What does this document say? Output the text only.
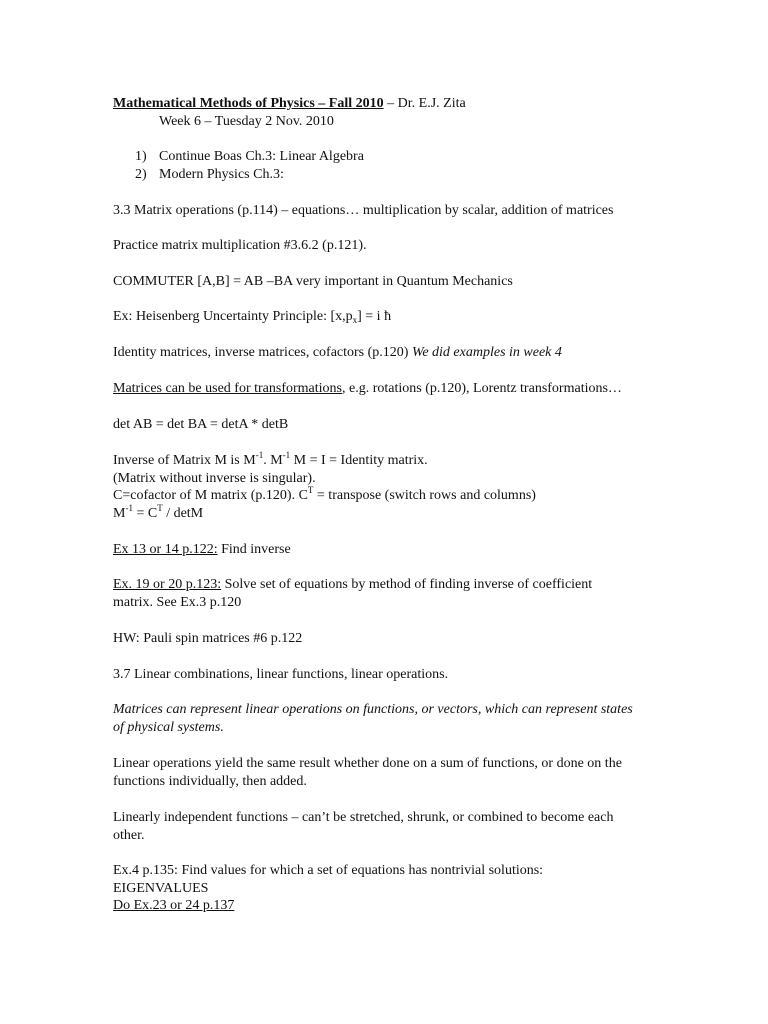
Mathematical Methods of Physics – Fall 2010 – Dr. E.J. Zita
Week 6 – Tuesday 2 Nov. 2010
1) Continue Boas Ch.3: Linear Algebra
2) Modern Physics Ch.3:
3.3 Matrix operations (p.114) – equations… multiplication by scalar, addition of matrices
Practice matrix multiplication #3.6.2 (p.121).
COMMUTER [A,B] = AB –BA very important in Quantum Mechanics
Ex: Heisenberg Uncertainty Principle: $[x,p_x] = i$ ħ
Identity matrices, inverse matrices, cofactors (p.120) We did examples in week 4
Matrices can be used for transformations, e.g. rotations (p.120), Lorentz transformations…
det AB = det BA = detA * detB
Inverse of Matrix M is $M^{-1}$. $M^{-1}$ M = I = Identity matrix.
(Matrix without inverse is singular).
C=cofactor of M matrix (p.120). $C^T$ = transpose (switch rows and columns)
$M^{-1} = C^T / \det M$
Ex 13 or 14 p.122: Find inverse
Ex. 19 or 20 p.123: Solve set of equations by method of finding inverse of coefficient
matrix. See Ex.3 p.120
HW: Pauli spin matrices #6 p.122
3.7 Linear combinations, linear functions, linear operations.
Matrices can represent linear operations on functions, or vectors, which can represent states
of physical systems.
Linear operations yield the same result whether done on a sum of functions, or done on the
functions individually, then added.
Linearly independent functions – can’t be stretched, shrunk, or combined to become each
other.
Ex.4 p.135: Find values for which a set of equations has nontrivial solutions:
EIGENVALUES
Do Ex.23 or 24 p.137
